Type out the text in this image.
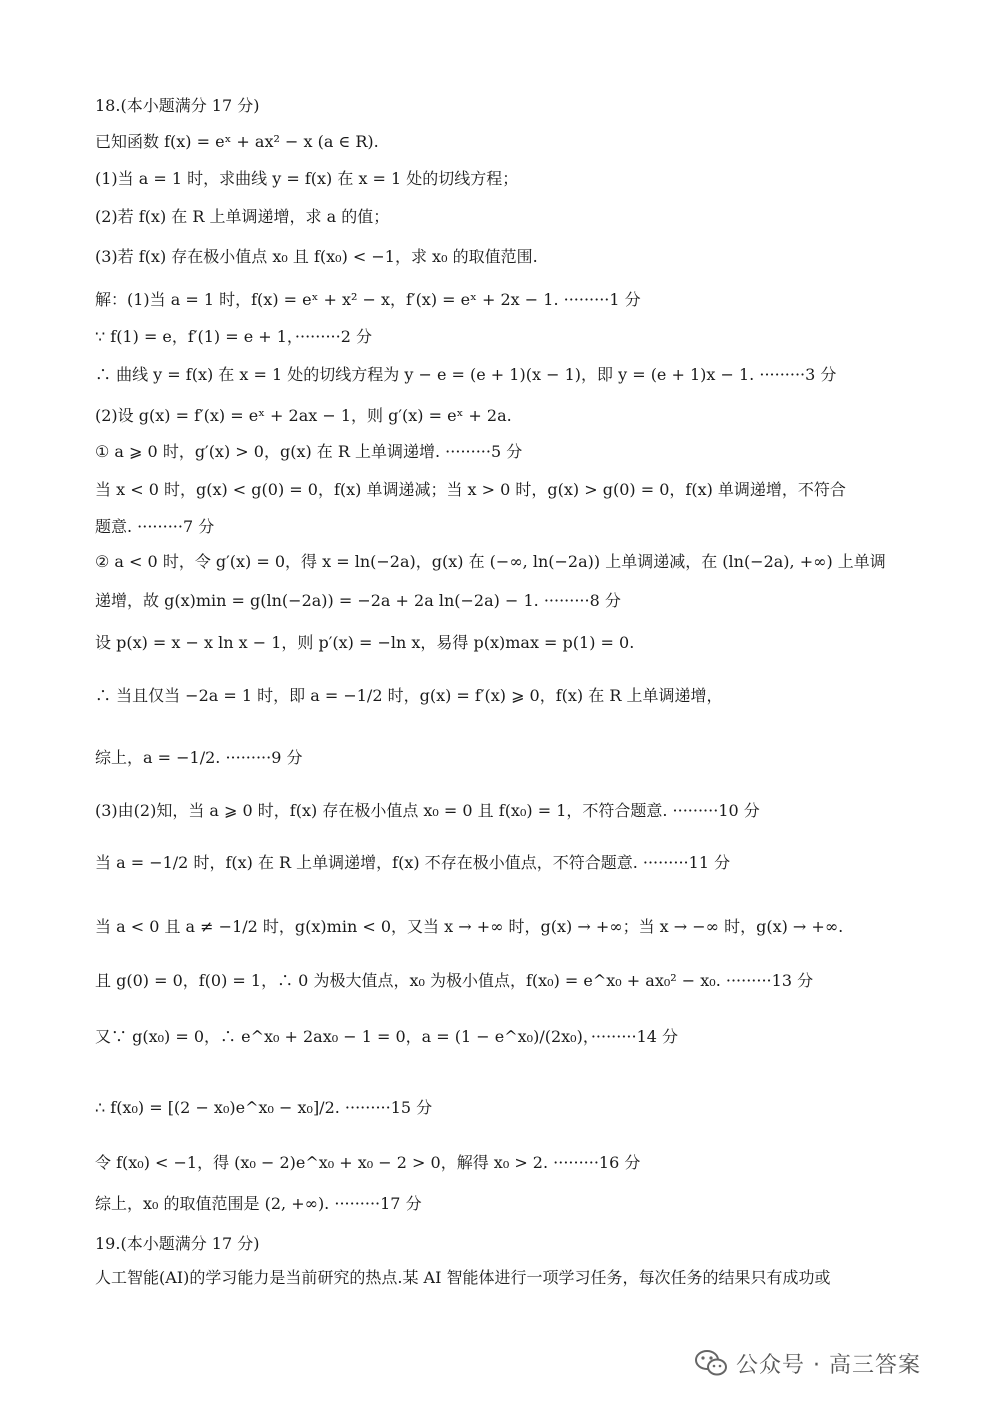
18.(本小题满分 17 分)
已知函数 f(x) = eˣ + ax² − x (a ∈ R).
(1)当 a = 1 时，求曲线 y = f(x) 在 x = 1 处的切线方程；
(2)若 f(x) 在 R 上单调递增，求 a 的值；
(3)若 f(x) 存在极小值点 x₀ 且 f(x₀) < −1，求 x₀ 的取值范围.
解：(1)当 a = 1 时，f(x) = eˣ + x² − x，f′(x) = eˣ + 2x − 1. ·········1 分
∵ f(1) = e，f′(1) = e + 1，·········2 分
∴ 曲线 y = f(x) 在 x = 1 处的切线方程为 y − e = (e + 1)(x − 1)，即 y = (e + 1)x − 1. ·········3 分
(2)设 g(x) = f′(x) = eˣ + 2ax − 1，则 g′(x) = eˣ + 2a.
① a ⩾ 0 时，g′(x) > 0，g(x) 在 R 上单调递增. ·········5 分
当 x < 0 时，g(x) < g(0) = 0，f(x) 单调递减；当 x > 0 时，g(x) > g(0) = 0，f(x) 单调递增，不符合
题意. ·········7 分
② a < 0 时，令 g′(x) = 0，得 x = ln(−2a)，g(x) 在 (−∞, ln(−2a)) 上单调递减，在 (ln(−2a), +∞) 上单调
递增，故 g(x)min = g(ln(−2a)) = −2a + 2a ln(−2a) − 1. ·········8 分
设 p(x) = x − x ln x − 1，则 p′(x) = −ln x，易得 p(x)max = p(1) = 0.
∴ 当且仅当 −2a = 1 时，即 a = −1/2 时，g(x) = f′(x) ⩾ 0，f(x) 在 R 上单调递增，
综上，a = −1/2. ·········9 分
(3)由(2)知，当 a ⩾ 0 时，f(x) 存在极小值点 x₀ = 0 且 f(x₀) = 1，不符合题意. ·········10 分
当 a = −1/2 时，f(x) 在 R 上单调递增，f(x) 不存在极小值点，不符合题意. ·········11 分
当 a < 0 且 a ≠ −1/2 时，g(x)min < 0，又当 x → +∞ 时，g(x) → +∞；当 x → −∞ 时，g(x) → +∞.
且 g(0) = 0，f(0) = 1，∴ 0 为极大值点，x₀ 为极小值点，f(x₀) = e^x₀ + ax₀² − x₀. ·········13 分
又∵ g(x₀) = 0，∴ e^x₀ + 2ax₀ − 1 = 0，a = (1 − e^x₀)/(2x₀)，·········14 分
∴ f(x₀) = [(2 − x₀)e^x₀ − x₀]/2. ·········15 分
令 f(x₀) < −1，得 (x₀ − 2)e^x₀ + x₀ − 2 > 0，解得 x₀ > 2. ·········16 分
综上，x₀ 的取值范围是 (2, +∞). ·········17 分
19.(本小题满分 17 分)
人工智能(AI)的学习能力是当前研究的热点.某 AI 智能体进行一项学习任务，每次任务的结果只有成功或
公众号 · 高三答案
